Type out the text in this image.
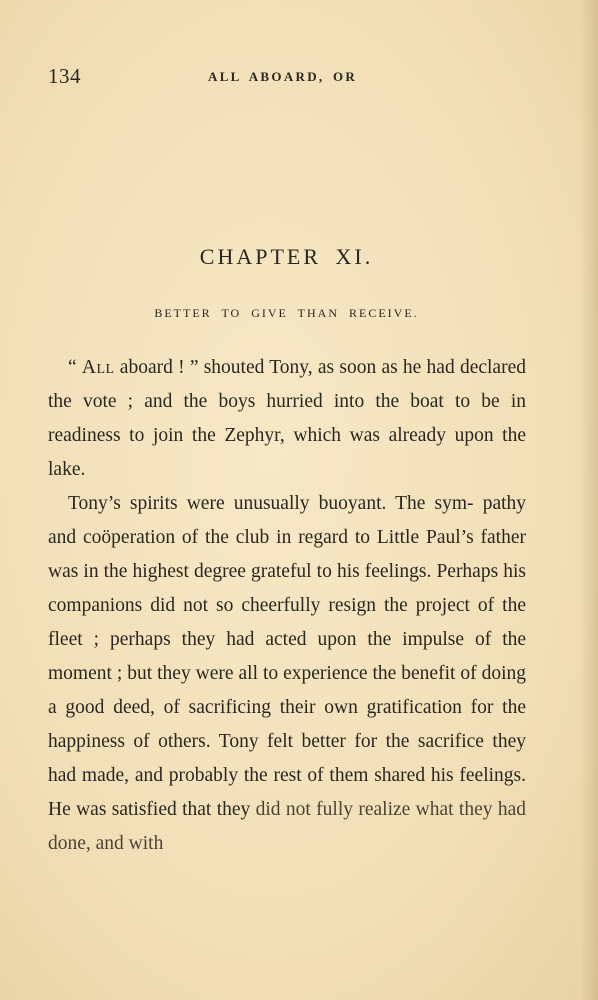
134	ALL ABOARD, OR
CHAPTER XI.
BETTER TO GIVE THAN RECEIVE.

“ All aboard ! ” shouted Tony, as soon as he had declared the vote ; and the boys hurried into the boat to be in readiness to join the Zephyr, which was already upon the lake.

Tony’s spirits were unusually buoyant. The sym- pathy and coöperation of the club in regard to Little Paul’s father was in the highest degree grateful to his feelings. Perhaps his companions did not so cheerfully resign the project of the fleet ; perhaps they had acted upon the impulse of the moment ; but they were all to experience the benefit of doing a good deed, of sacrificing their own gratification for the happiness of others. Tony felt better for the sacrifice they had made, and probably the rest of them shared his feelings. He was satisfied that they did not fully realize what they had done, and with
